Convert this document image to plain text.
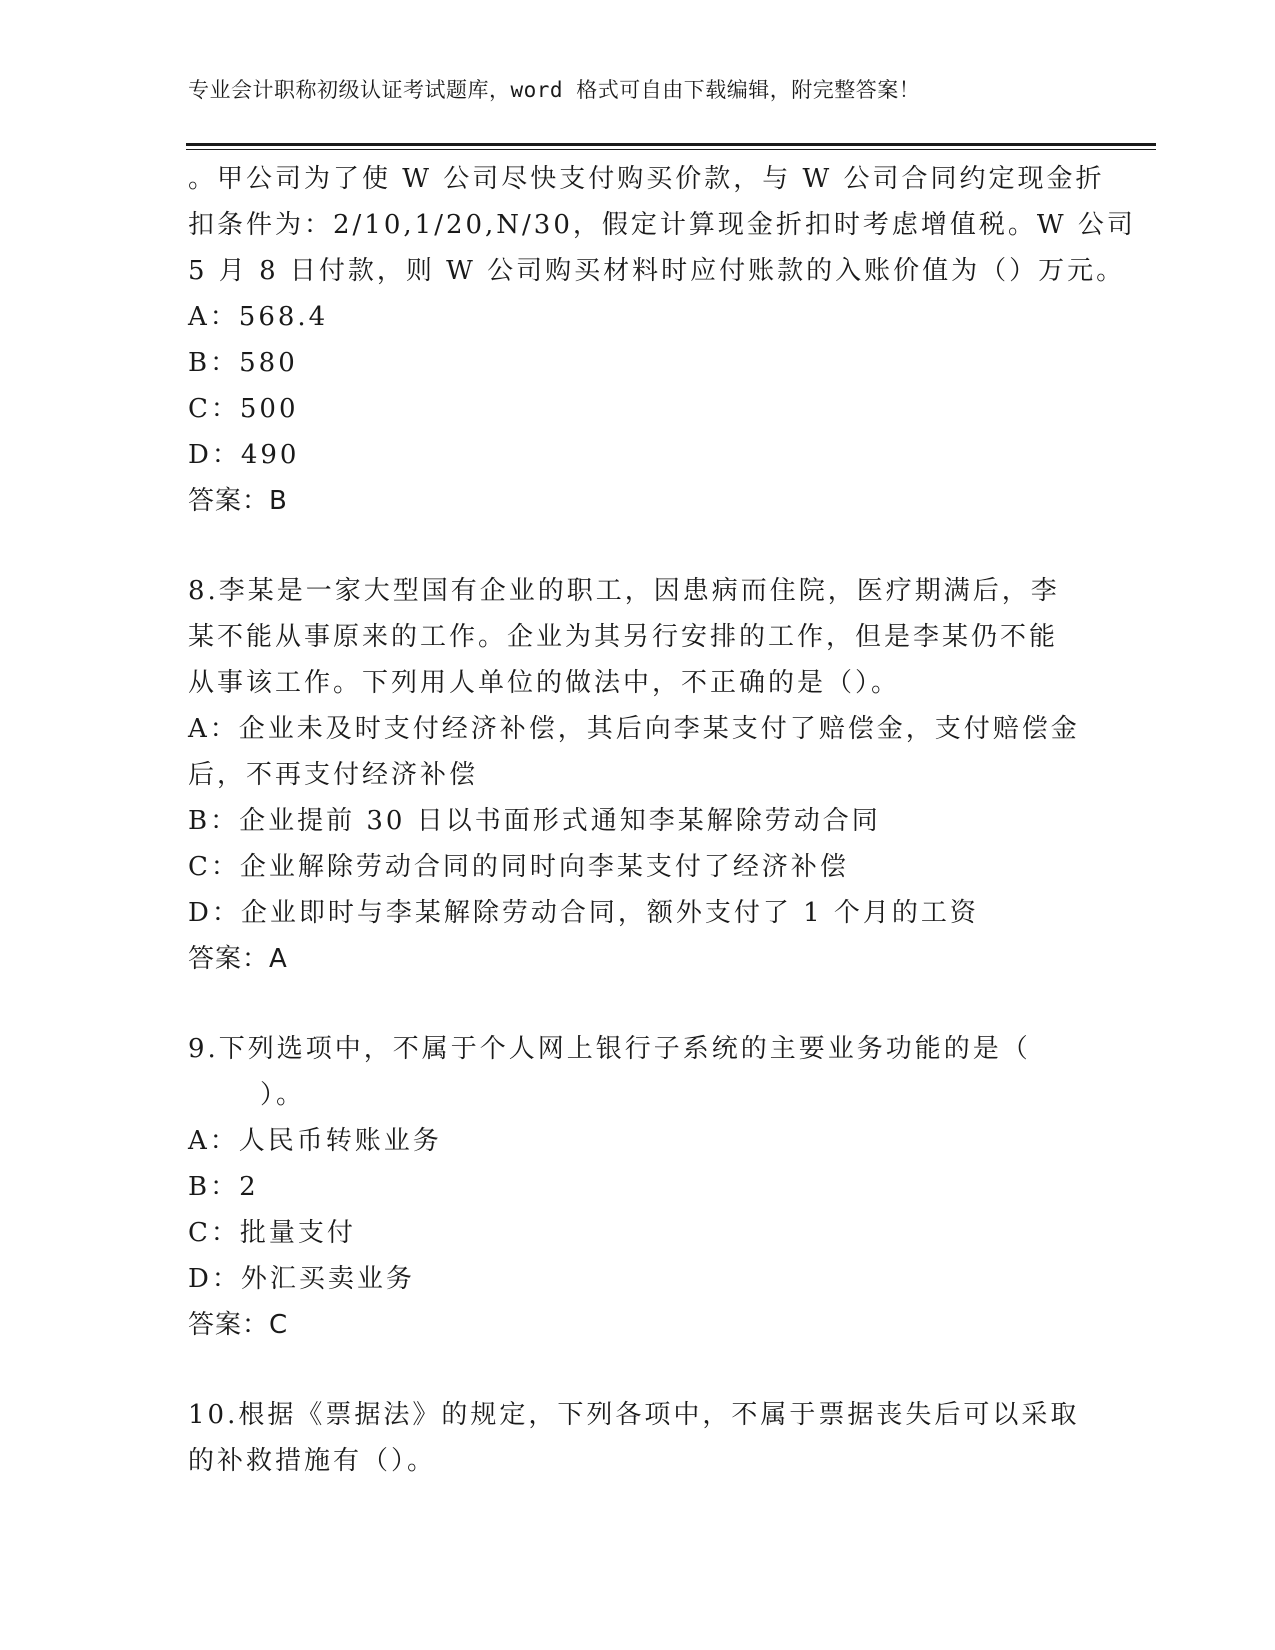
专业会计职称初级认证考试题库，word 格式可自由下载编辑，附完整答案！
。甲公司为了使 W 公司尽快支付购买价款，与 W 公司合同约定现金折
扣条件为：2/10,1/20,N/30，假定计算现金折扣时考虑增值税。W 公司
5 月 8 日付款，则 W 公司购买材料时应付账款的入账价值为（）万元。
A：568.4
B：580
C：500
D：490
答案：B
8.李某是一家大型国有企业的职工，因患病而住院，医疗期满后，李
某不能从事原来的工作。企业为其另行安排的工作，但是李某仍不能
从事该工作。下列用人单位的做法中，不正确的是（）。
A：企业未及时支付经济补偿，其后向李某支付了赔偿金，支付赔偿金
后，不再支付经济补偿
B：企业提前 30 日以书面形式通知李某解除劳动合同
C：企业解除劳动合同的同时向李某支付了经济补偿
D：企业即时与李某解除劳动合同，额外支付了 1 个月的工资
答案：A
9.下列选项中，不属于个人网上银行子系统的主要业务功能的是（
）。
A：人民币转账业务
B：2
C：批量支付
D：外汇买卖业务
答案：C
10.根据《票据法》的规定，下列各项中，不属于票据丧失后可以采取
的补救措施有（）。
